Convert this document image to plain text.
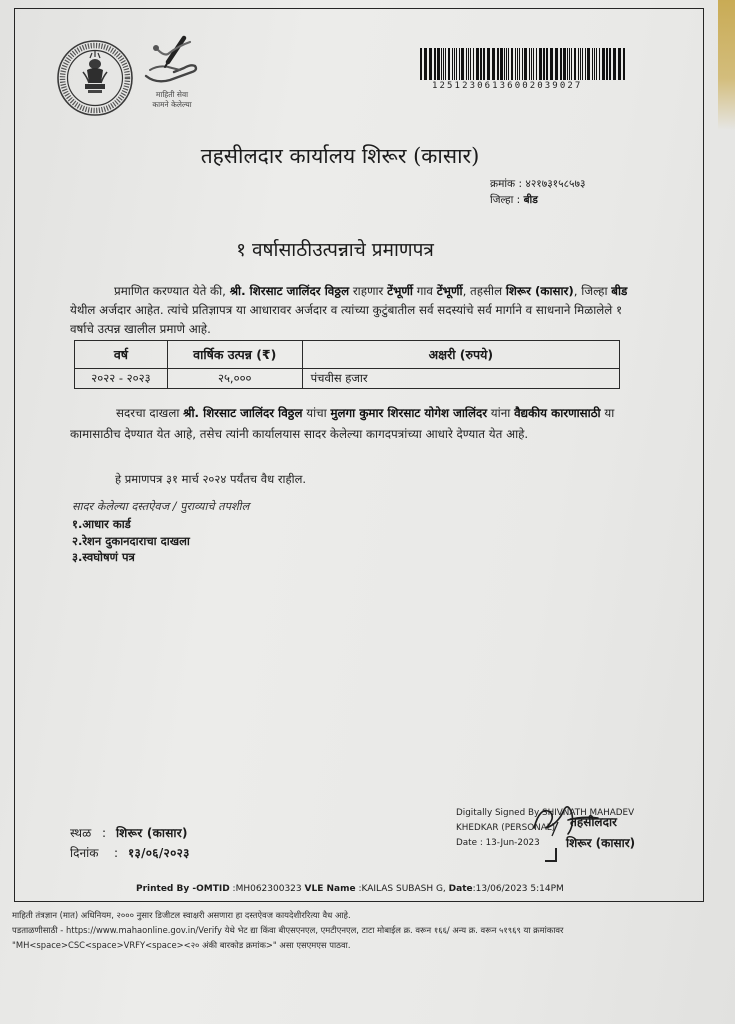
माहिती सेवा
कामने केलेल्या
12512306136002039027
तहसीलदार कार्यालय शिरूर (कासार)
क्रमांक : ४२१७३१५८५७३
जिल्हा : बीड
१ वर्षासाठीउत्पन्नाचे प्रमाणपत्र
प्रमाणित करण्यात येते की, श्री. शिरसाट जालिंदर विठ्ठल राहणार टेंभूर्णी गाव टेंभूर्णी, तहसील शिरूर (कासार), जिल्हा बीड येथील अर्जदार आहेत. त्यांचे प्रतिज्ञापत्र या आधारावर अर्जदार व त्यांच्या कुटुंबातील सर्व सदस्यांचे सर्व मार्गाने व साधनाने मिळालेले १ वर्षाचे उत्पन्न खालील प्रमाणे आहे.
वर्ष	वार्षिक उत्पन्न (₹)	अक्षरी (रुपये)
२०२२ - २०२३	२५,०००	पंचवीस हजार
सदरचा दाखला श्री. शिरसाट जालिंदर विठ्ठल यांचा मुलगा कुमार शिरसाट योगेश जालिंदर यांना वैद्यकीय कारणासाठी या कामासाठीच देण्यात येत आहे, तसेच त्यांनी कार्यालयास सादर केलेल्या कागदपत्रांच्या आधारे देण्यात येत आहे.
हे प्रमाणपत्र ३१ मार्च २०२४ पर्यंतच वैध राहील.
सादर केलेल्या दस्तऐवज / पुराव्याचे तपशील
१.आधार कार्ड
२.रेशन दुकानदाराचा दाखला
३.स्वघोषणं पत्र
स्थळ : शिरूर (कासार)
दिनांक	: १३/०६/२०२३
Digitally Signed By SHIVNATH MAHADEV
KHEDKAR (PERSONAL)
Date : 13-Jun-2023
तहसीलदार
शिरूर (कासार)
Printed By -OMTID :MH062300323 VLE Name :KAILAS SUBASH G, Date:13/06/2023 5:14PM
माहिती तंत्रज्ञान (मात) अधिनियम, २००० नुसार डिजीटल स्वाक्षरी असणारा हा दस्तऐवज कायदेशीररित्या वैध आहे.
पडताळणीसाठी - https://www.mahaonline.gov.in/Verify येथे भेट द्या किंवा बीएसएनएल, एमटीएनएल, टाटा मोबाईल क्र. वरून १६६/ अन्य क्र. वरून ५१९६९ या क्रमांकावर
"MH<space>CSC<space>VRFY<space><२० अंकी बारकोड क्रमांक>" असा एसएमएस पाठवा.
